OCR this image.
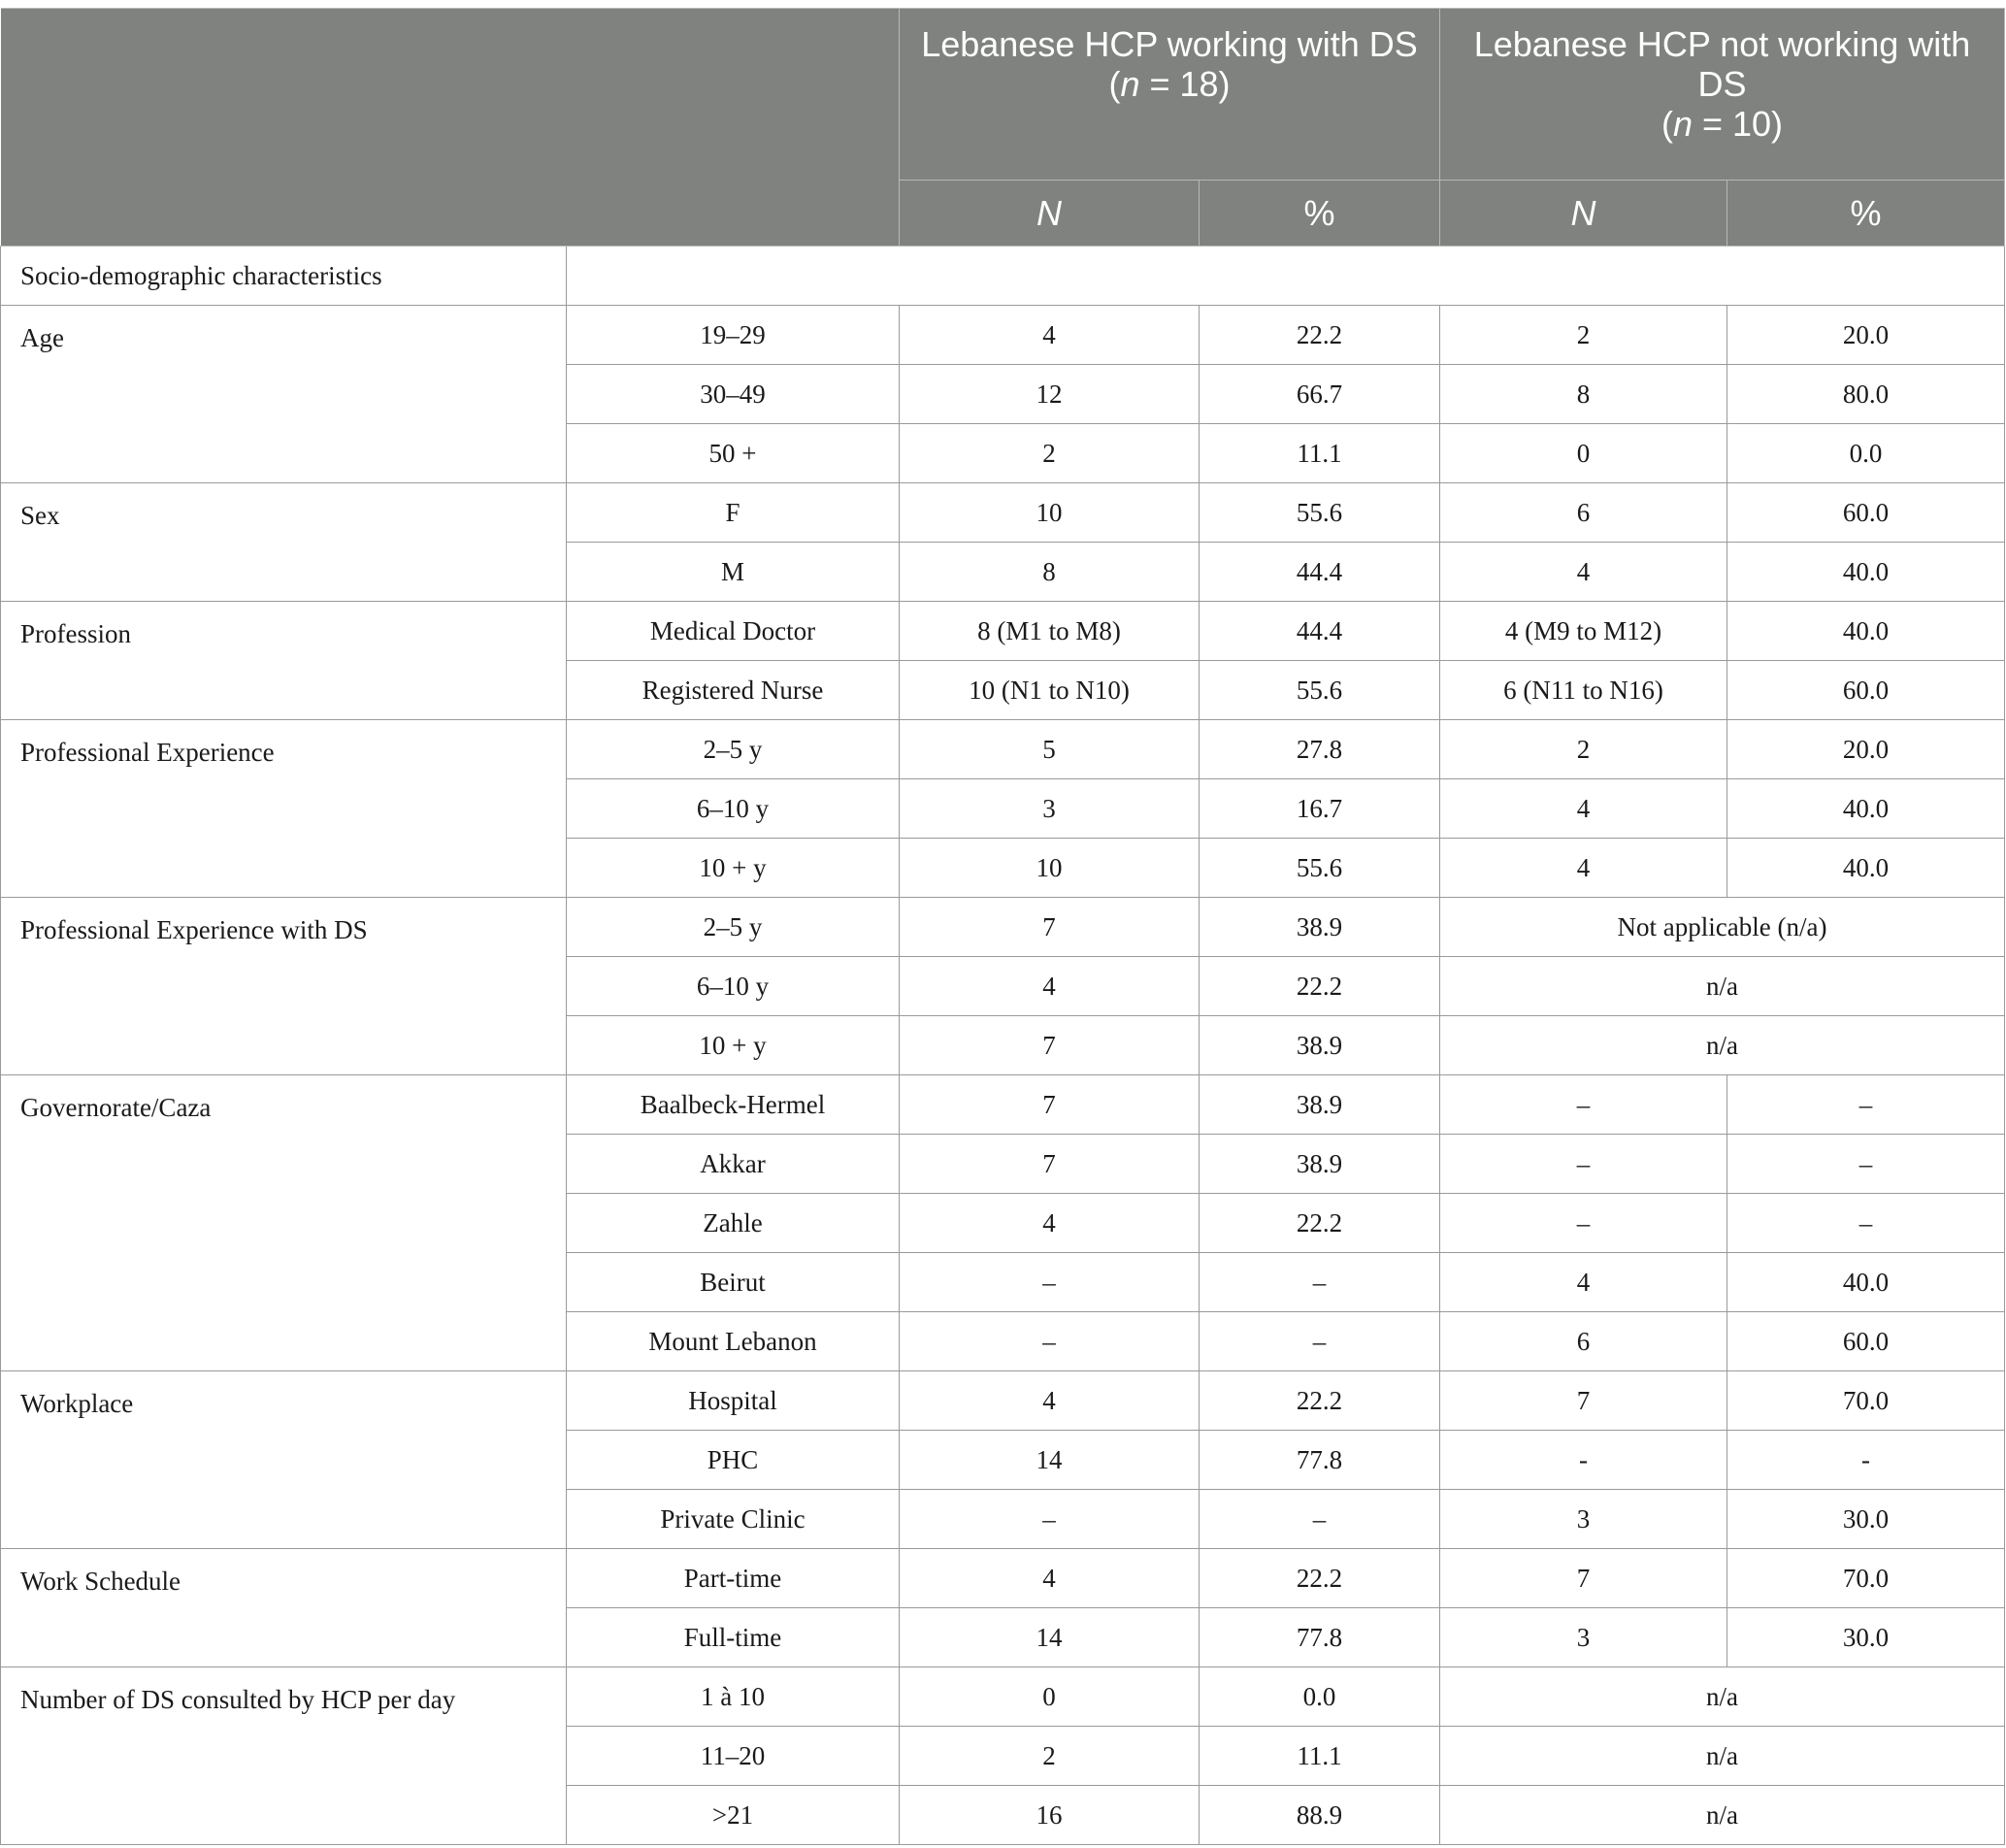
		Lebanese HCP working with DS
(n = 18)		Lebanese HCP not working with DS
(n = 10)	
		N	%	N	%
Socio-demographic characteristics					
Age	19–29	4	22.2	2	20.0
	30–49	12	66.7	8	80.0
	50 +	2	11.1	0	0.0
Sex	F	10	55.6	6	60.0
	M	8	44.4	4	40.0
Profession	Medical Doctor	8 (M1 to M8)	44.4	4 (M9 to M12)	40.0
	Registered Nurse	10 (N1 to N10)	55.6	6 (N11 to N16)	60.0
Professional Experience	2–5 y	5	27.8	2	20.0
	6–10 y	3	16.7	4	40.0
	10 + y	10	55.6	4	40.0
Professional Experience with DS	2–5 y	7	38.9	Not applicable (n/a)	
	6–10 y	4	22.2	n/a	
	10 + y	7	38.9	n/a	
Governorate/Caza	Baalbeck-Hermel	7	38.9	–	–
	Akkar	7	38.9	–	–
	Zahle	4	22.2	–	–
	Beirut	–	–	4	40.0
	Mount Lebanon	–	–	6	60.0
Workplace	Hospital	4	22.2	7	70.0
	PHC	14	77.8	-	-
	Private Clinic	–	–	3	30.0
Work Schedule	Part-time	4	22.2	7	70.0
	Full-time	14	77.8	3	30.0
Number of DS consulted by HCP per day	1 à 10	0	0.0	n/a	
	11–20	2	11.1	n/a	
	>21	16	88.9	n/a	
